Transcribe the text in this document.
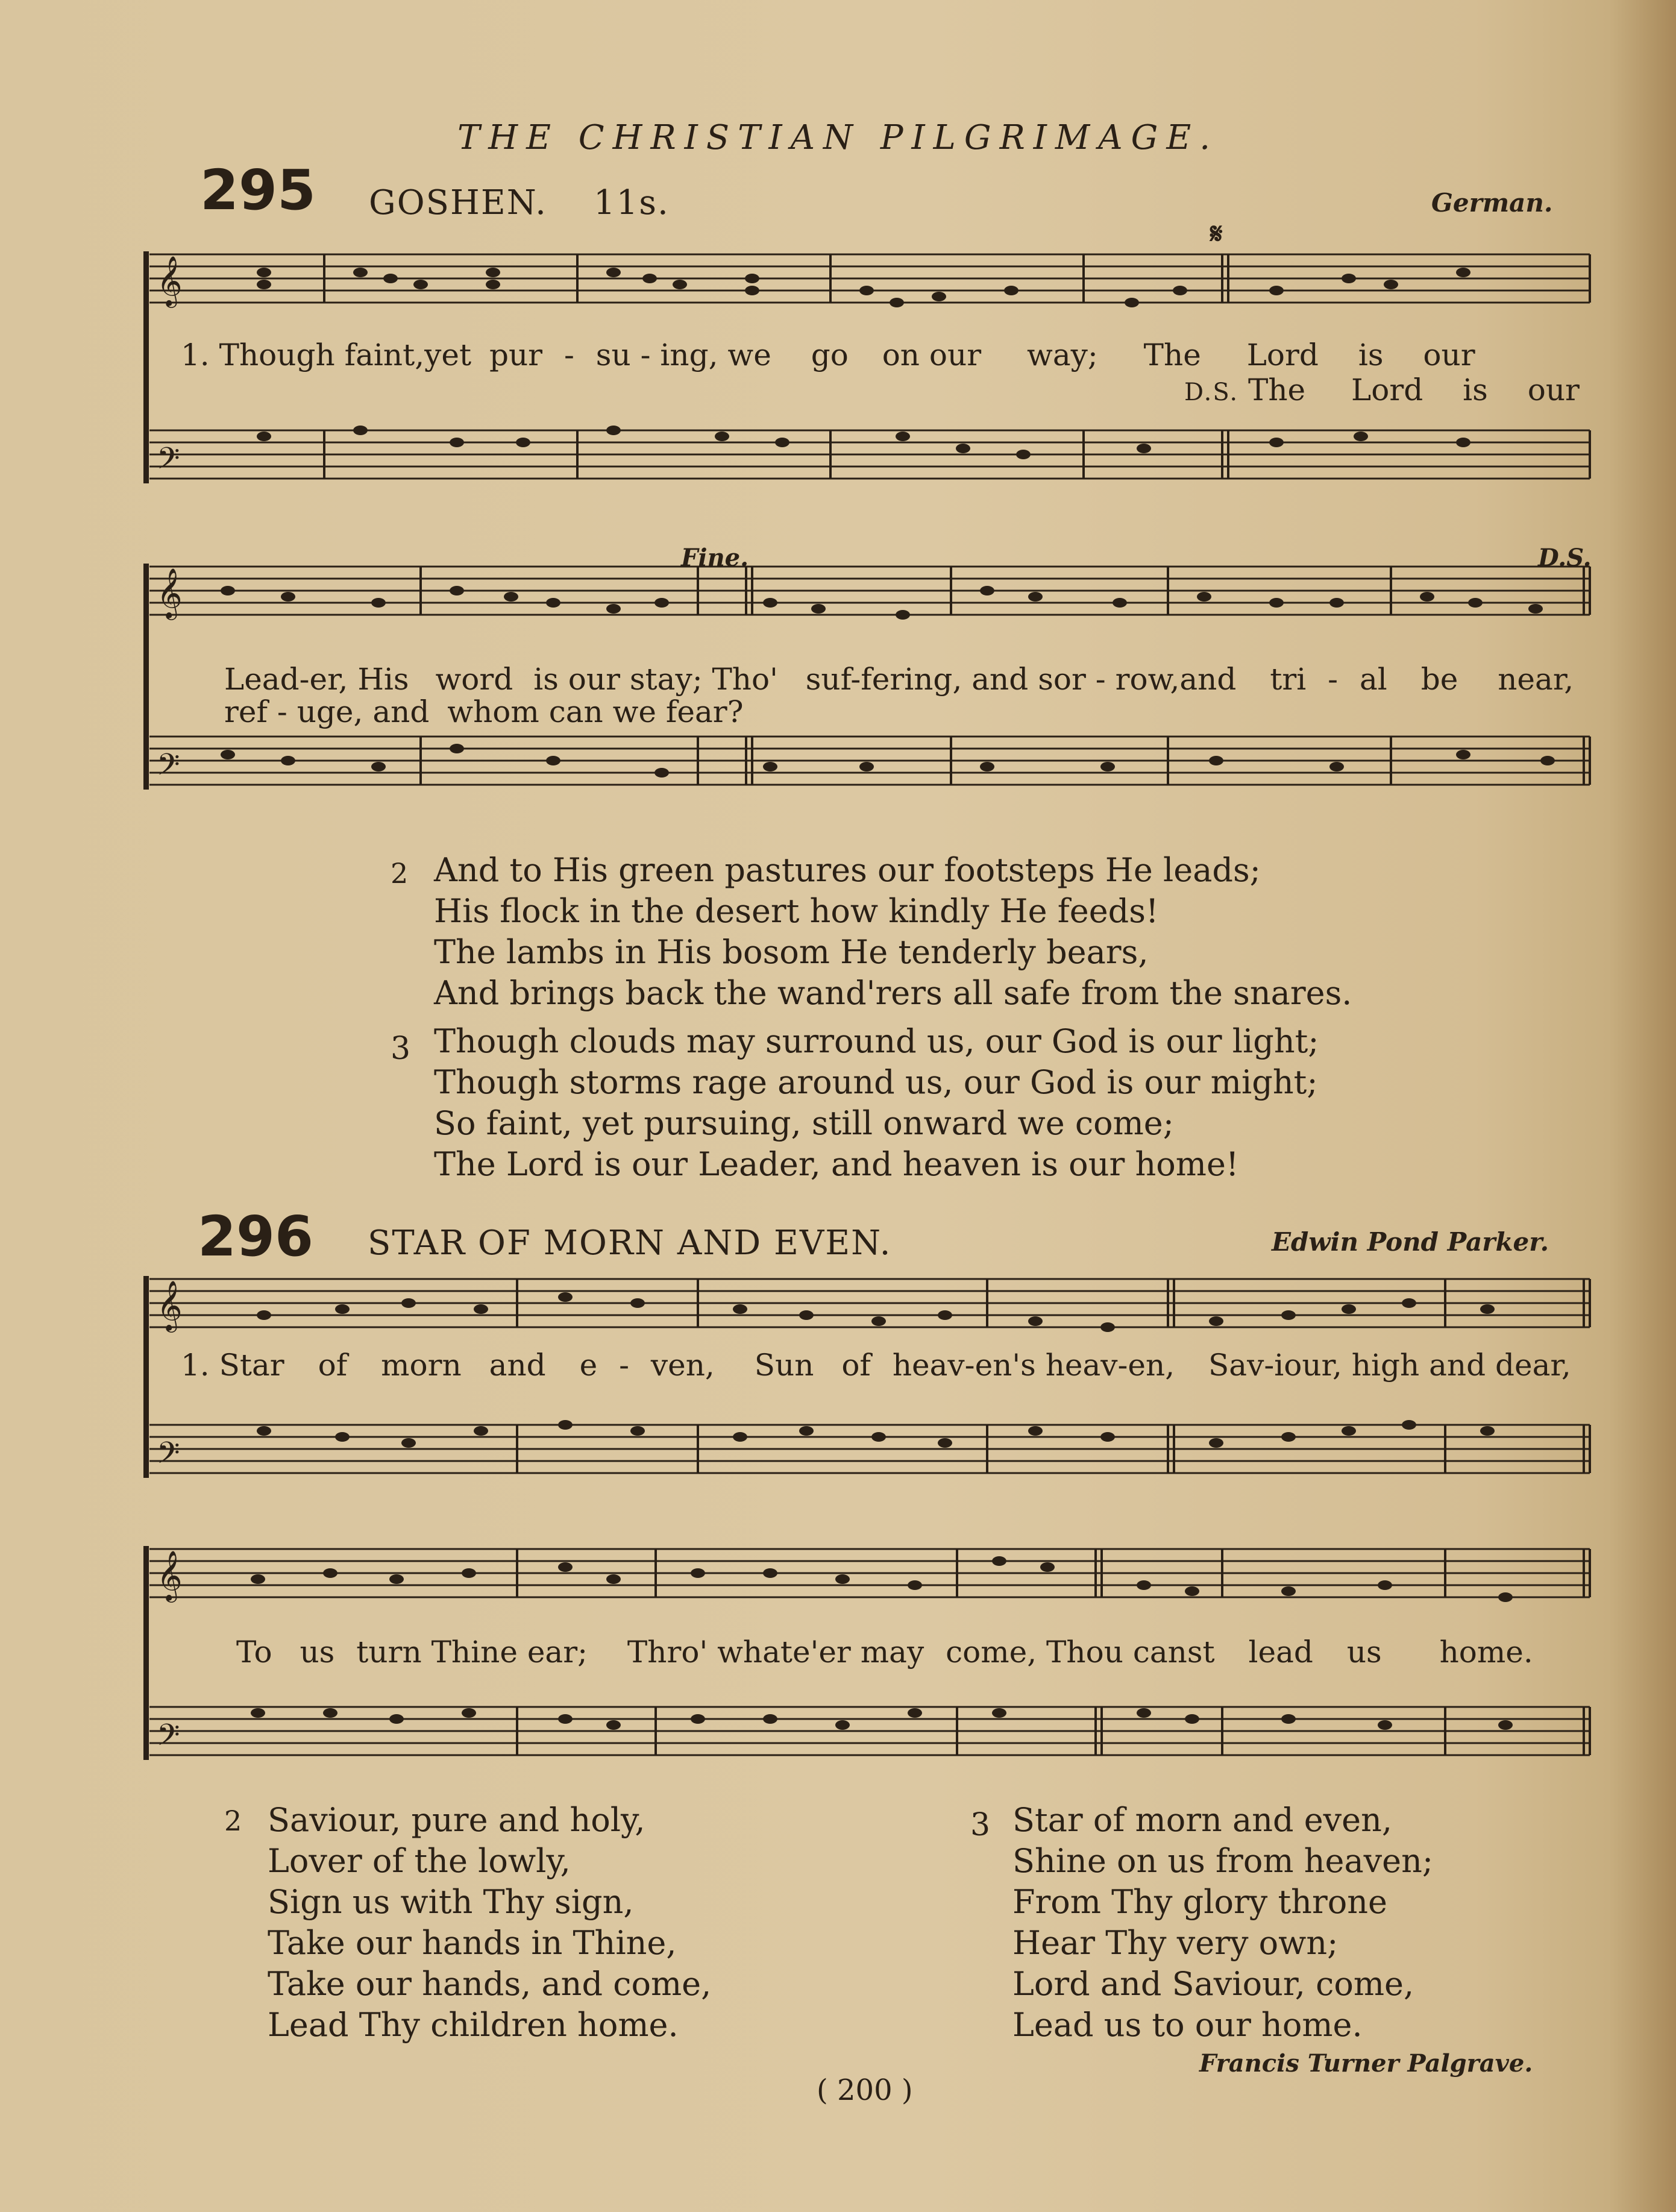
THE CHRISTIAN PILGRIMAGE.
295 GOSHEN. 11s.	German.
𝄋
Fine.	D.S.
𝄞
𝄢
1. Though faint,yet pur - su - ing, we go on our way; The Lord is our
D.S. The Lord is our
𝄞
𝄢
Lead-er, His word is our stay; Tho' suf-fering, and sor - row,and tri - al be near,
ref - uge, and whom can we fear?
2 And to His green pastures our footsteps He leads;
His flock in the desert how kindly He feeds!
The lambs in His bosom He tenderly bears,
And brings back the wand'rers all safe from the snares.
3 Though clouds may surround us, our God is our light;
Though storms rage around us, our God is our might;
So faint, yet pursuing, still onward we come;
The Lord is our Leader, and heaven is our home!
296 STAR OF MORN AND EVEN.	Edwin Pond Parker.
𝄞
𝄢
1. Star of morn and e - ven, Sun of heav-en's heav-en, Sav-iour, high and dear,
𝄞
𝄢
To us turn Thine ear; Thro' whate'er may come, Thou canst lead us home.
2 Saviour, pure and holy,
Lover of the lowly,
Sign us with Thy sign,
Take our hands in Thine,
Take our hands, and come,
Lead Thy children home.
3 Star of morn and even,
Shine on us from heaven;
From Thy glory throne
Hear Thy very own;
Lord and Saviour, come,
Lead us to our home.
Francis Turner Palgrave.
( 200 )
